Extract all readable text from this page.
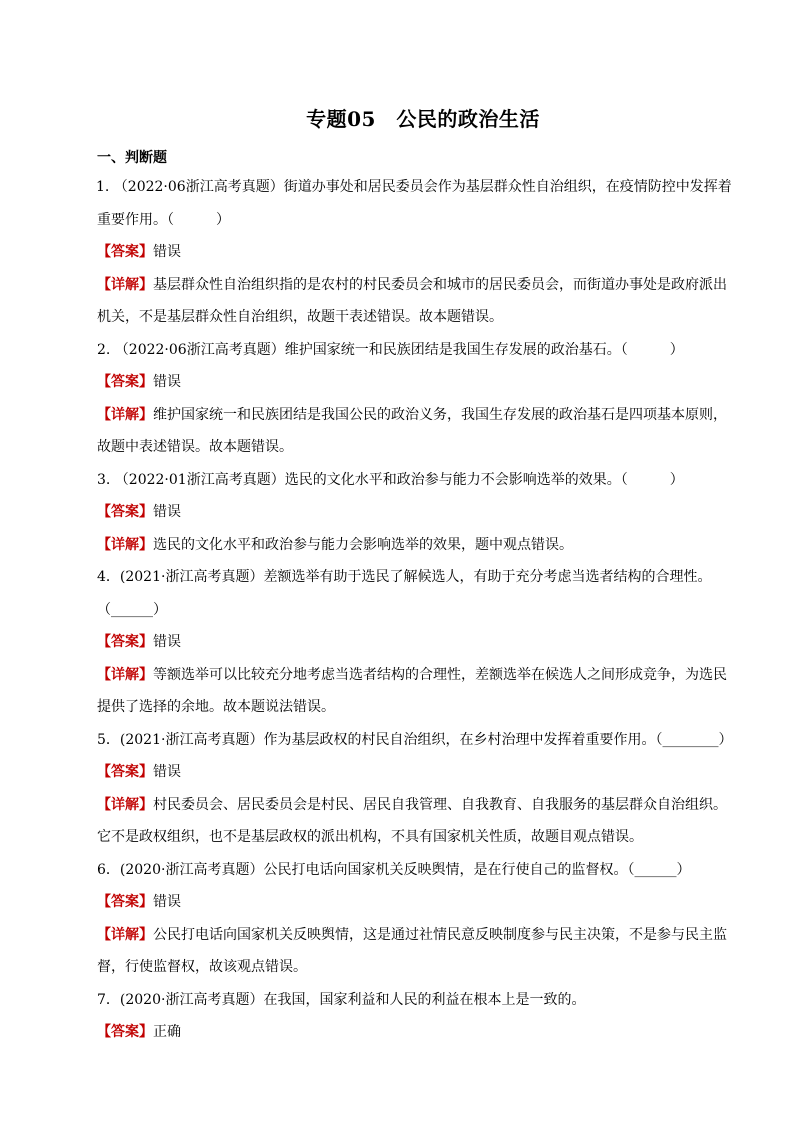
专题05　公民的政治生活
一、判断题

1. （2022·06浙江高考真题）街道办事处和居民委员会作为基层群众性自治组织，在疫情防控中发挥着重要作用。（　　　）

【答案】错误

【详解】基层群众性自治组织指的是农村的村民委员会和城市的居民委员会，而街道办事处是政府派出机关，不是基层群众性自治组织，故题干表述错误。故本题错误。

2. （2022·06浙江高考真题）维护国家统一和民族团结是我国生存发展的政治基石。（　　　）

【答案】错误

【详解】维护国家统一和民族团结是我国公民的政治义务，我国生存发展的政治基石是四项基本原则，故题中表述错误。故本题错误。

3. （2022·01浙江高考真题）选民的文化水平和政治参与能力不会影响选举的效果。（　　　）

【答案】错误

【详解】选民的文化水平和政治参与能力会影响选举的效果，题中观点错误。

4．(2021·浙江高考真题）差额选举有助于选民了解候选人，有助于充分考虑当选者结构的合理性。

（______）

【答案】错误

【详解】等额选举可以比较充分地考虑当选者结构的合理性，差额选举在候选人之间形成竞争，为选民提供了选择的余地。故本题说法错误。

5．(2021·浙江高考真题）作为基层政权的村民自治组织，在乡村治理中发挥着重要作用。（________）

【答案】错误

【详解】村民委员会、居民委员会是村民、居民自我管理、自我教育、自我服务的基层群众自治组织。它不是政权组织，也不是基层政权的派出机构，不具有国家机关性质，故题目观点错误。

6．(2020·浙江高考真题）公民打电话向国家机关反映舆情，是在行使自己的监督权。（______）

【答案】错误

【详解】公民打电话向国家机关反映舆情，这是通过社情民意反映制度参与民主决策，不是参与民主监督，行使监督权，故该观点错误。

7．(2020·浙江高考真题）在我国，国家利益和人民的利益在根本上是一致的。

【答案】正确
